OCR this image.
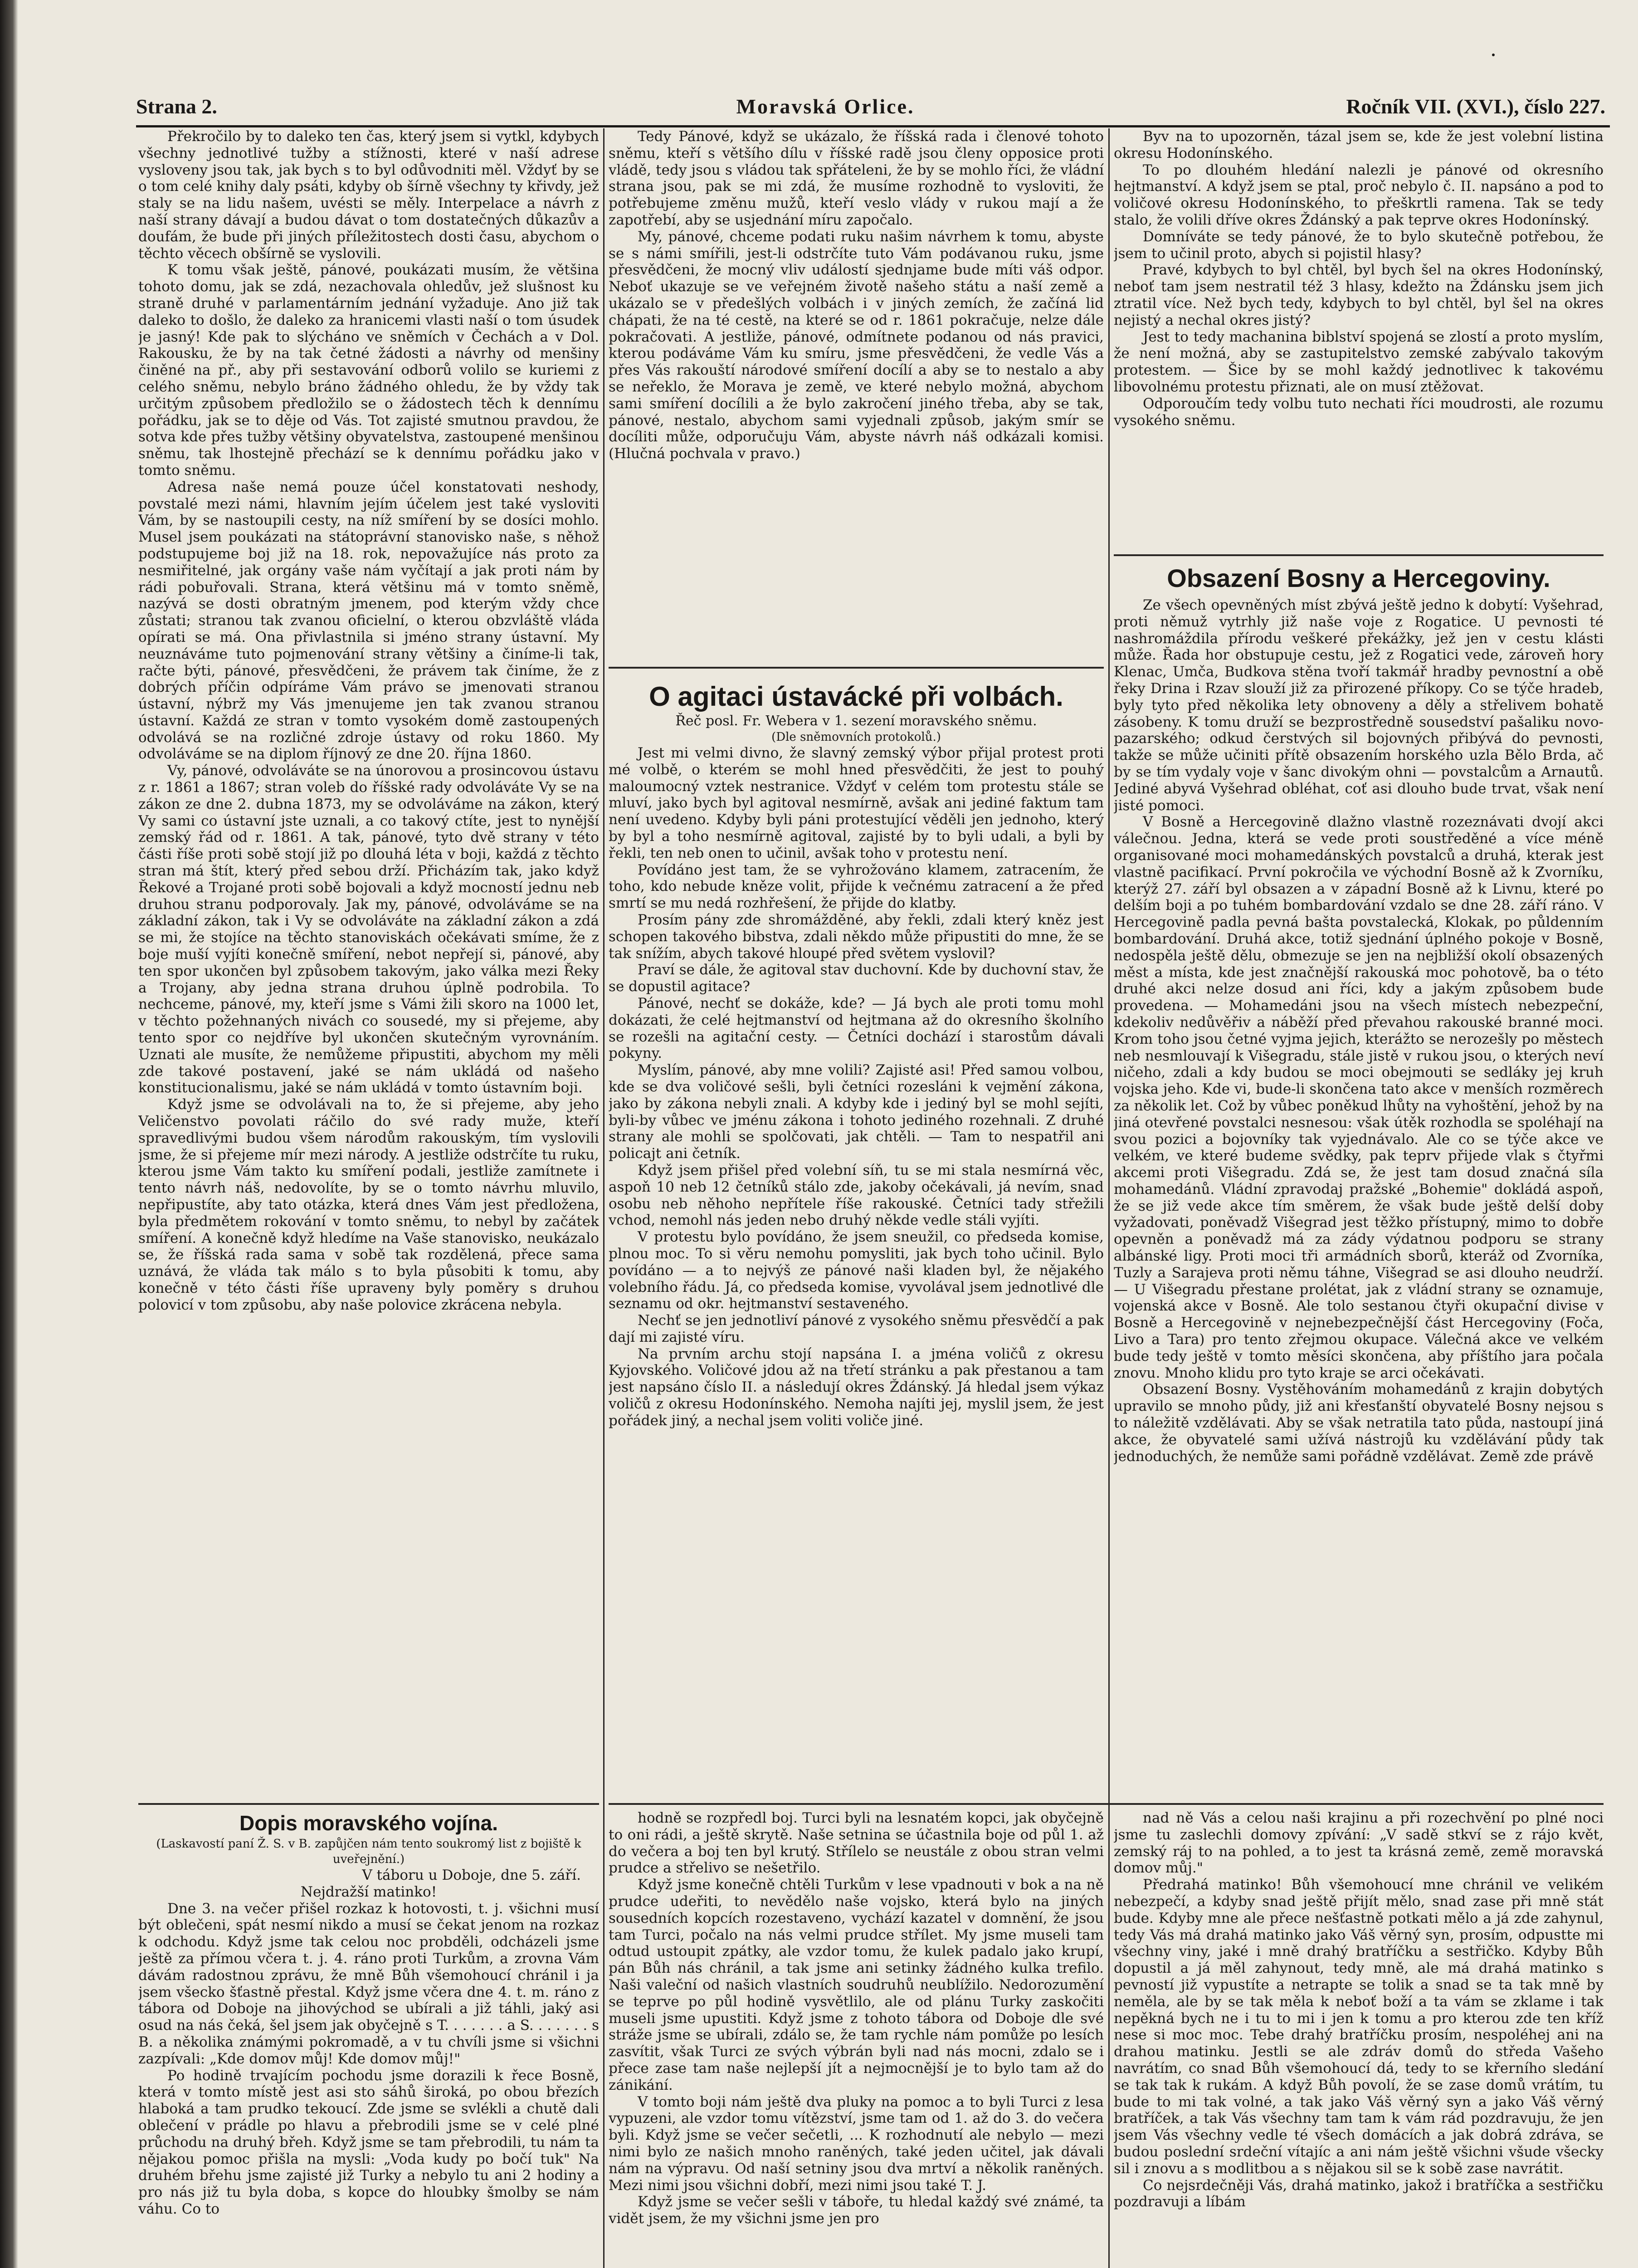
Moravská Orlice.
Strana 2.	Ročník VII. (XVI.), číslo 227.

Překročilo by to daleko ten čas, který jsem si vytkl, kdybych všechny jednotlivé tužby a stížnosti, které v naší adrese vysloveny jsou tak, jak bych s to byl odůvodniti měl. Vždyť by se o tom celé knihy daly psáti, kdyby ob šírně všechny ty křivdy, jež staly se na lidu našem, uvésti se měly. Interpelace a návrh z naší strany dávají a budou dávat o tom dostatečných důkazův a doufám, že bude při jiných příležitostech dosti času, abychom o těchto věcech obšírně se vyslovili.

K tomu však ještě, pánové, poukázati musím, že většina tohoto domu, jak se zdá, nezachovala ohledův, jež slušnost ku straně druhé v parlamentárním jednání vyžaduje. Ano již tak daleko to došlo, že daleko za hranicemi vlasti naší o tom úsudek je jasný! Kde pak to slýcháno ve sněmích v Čechách a v Dol. Rakousku, že by na tak četné žádosti a návrhy od menšiny činěné na př., aby při sestavování odborů volilo se kuriemi z celého sněmu, nebylo bráno žádného ohledu, že by vždy tak určitým způsobem předložilo se o žádostech těch k dennímu pořádku, jak se to děje od Vás. Tot zajisté smutnou pravdou, že sotva kde přes tužby většiny obyvatelstva, zastoupené menšinou sněmu, tak lhostejně přechází se k dennímu pořádku jako v tomto sněmu.

Adresa naše nemá pouze účel konstatovati neshody, povstalé mezi námi, hlavním jejím účelem jest také vysloviti Vám, by se nastoupili cesty, na níž smíření by se dosíci mohlo. Musel jsem poukázati na státoprávní stanovisko naše, s něhož podstupujeme boj již na 18. rok, nepovažujíce nás proto za nesmiřitelné, jak orgány vaše nám vyčítají a jak proti nám by rádi pobuřovali. Strana, která většinu má v tomto sněmě, nazývá se dosti obratným jmenem, pod kterým vždy chce zůstati; stranou tak zvanou oficielní, o kterou obzvláště vláda opírati se má. Ona přivlastnila si jméno strany ústavní. My neuznáváme tuto pojmenování strany většiny a činíme-li tak, račte býti, pánové, přesvědčeni, že právem tak činíme, že z dobrých příčin odpíráme Vám právo se jmenovati stranou ústavní, nýbrž my Vás jmenujeme jen tak zvanou stranou ústavní. Každá ze stran v tomto vysokém domě zastoupených odvolává se na rozličné zdroje ústavy od roku 1860. My odvoláváme se na diplom říjnový ze dne 20. října 1860.

Vy, pánové, odvoláváte se na únorovou a prosincovou ústavu z r. 1861 a 1867; stran voleb do říšské rady odvoláváte Vy se na zákon ze dne 2. dubna 1873, my se odvoláváme na zákon, který Vy sami co ústavní jste uznali, a co takový ctíte, jest to nynější zemský řád od r. 1861. A tak, pánové, tyto dvě strany v této části říše proti sobě stojí již po dlouhá léta v boji, každá z těchto stran má štít, který před sebou drží. Přicházím tak, jako když Řekové a Trojané proti sobě bojovali a když mocností jednu neb druhou stranu podporovaly. Jak my, pánové, odvoláváme se na základní zákon, tak i Vy se odvoláváte na základní zákon a zdá se mi, že stojíce na těchto stanoviskách očekávati smíme, že z boje muší vyjíti konečně smíření, nebot nepřejí si, pánové, aby ten spor ukončen byl způsobem takovým, jako válka mezi Řeky a Trojany, aby jedna strana druhou úplně podrobila. To nechceme, pánové, my, kteří jsme s Vámi žili skoro na 1000 let, v těchto požehnaných nivách co sousedé, my si přejeme, aby tento spor co nejdříve byl ukončen skutečným vyrovnáním. Uznati ale musíte, že nemůžeme připustiti, abychom my měli zde takové postavení, jaké se nám ukládá od našeho konstitucionalismu, jaké se nám ukládá v tomto ústavním boji.

Když jsme se odvolávali na to, že si přejeme, aby jeho Veličenstvo povolati ráčilo do své rady muže, kteří spravedlivými budou všem národům rakouským, tím vyslovili jsme, že si přejeme mír mezi národy. A jestliže odstrčíte tu ruku, kterou jsme Vám takto ku smíření podali, jestliže zamítnete i tento návrh náš, nedovolíte, by se o tomto návrhu mluvilo, nepřipustíte, aby tato otázka, která dnes Vám jest předložena, byla předmětem rokování v tomto sněmu, to nebyl by začátek smíření. A konečně když hledíme na Vaše stanovisko, neukázalo se, že říšská rada sama v sobě tak rozdělená, přece sama uznává, že vláda tak málo s to byla působiti k tomu, aby konečně v této části říše upraveny byly poměry s druhou polovicí v tom způsobu, aby naše polovice zkrácena nebyla.

Tedy Pánové, když se ukázalo, že říšská rada i členové tohoto sněmu, kteří s většího dílu v říšské radě jsou členy opposice proti vládě, tedy jsou s vládou tak spřáteleni, že by se mohlo říci, že vládní strana jsou, pak se mi zdá, že musíme rozhodně to vysloviti, že potřebujeme změnu mužů, kteří veslo vlády v rukou mají a že zapotřebí, aby se usjednání míru započalo.

My, pánové, chceme podati ruku našim návrhem k tomu, abyste se s námi smířili, jest-li odstrčíte tuto Vám podávanou ruku, jsme přesvědčeni, že mocný vliv událostí sjednjame bude míti váš odpor. Neboť ukazuje se ve veřejném životě našeho státu a naší země a ukázalo se v předešlých volbách i v jiných zemích, že začíná lid chápati, že na té cestě, na které se od r. 1861 pokračuje, nelze dále pokračovati. A jestliže, pánové, odmítnete podanou od nás pravici, kterou podáváme Vám ku smíru, jsme přesvědčeni, že vedle Vás a přes Vás rakouští národové smíření docílí a aby se to nestalo a aby se neřeklo, že Morava je země, ve které nebylo možná, abychom sami smíření docílili a že bylo zakročení jiného třeba, aby se tak, pánové, nestalo, abychom sami vyjednali způsob, jakým smír se docíliti může, odporučuju Vám, abyste návrh náš odkázali komisi. (Hlučná pochvala v pravo.)

O agitaci ústavácké při volbách.

Řeč posl. Fr. Webera v 1. sezení moravského sněmu.

(Dle sněmovních protokolů.)

Jest mi velmi divno, že slavný zemský výbor přijal protest proti mé volbě, o kterém se mohl hned přesvědčiti, že jest to pouhý maloumocný vztek nestranice. Vždyť v celém tom protestu stále se mluví, jako bych byl agitoval nesmírně, avšak ani jediné faktum tam není uvedeno. Kdyby byli páni protestující věděli jen jednoho, který by byl a toho nesmírně agitoval, zajisté by to byli udali, a byli by řekli, ten neb onen to učinil, avšak toho v protestu není.

Povídáno jest tam, že se vyhrožováno klamem, zatracením, že toho, kdo nebude kněze volit, přijde k večnému zatracení a že před smrtí se mu nedá rozhřešení, že přijde do klatby.

Prosím pány zde shromážděné, aby řekli, zdali který kněz jest schopen takového bibstva, zdali někdo může připustiti do mne, že se tak snížím, abych takové hloupé před světem vyslovil?

Praví se dále, že agitoval stav duchovní. Kde by duchovní stav, že se dopustil agitace?

Pánové, nechť se dokáže, kde? — Já bych ale proti tomu mohl dokázati, že celé hejtmanství od hejtmana až do okresního školního se rozešli na agitační cesty. — Četníci dochází i starostům dávali pokyny.

Myslím, pánové, aby mne volili? Zajisté asi! Před samou volbou, kde se dva voličové sešli, byli četníci rozesláni k vejmění zákona, jako by zákona nebyli znali. A kdyby kde i jediný byl se mohl sejíti, byli-by vůbec ve jménu zákona i tohoto jediného rozehnali. Z druhé strany ale mohli se spolčovati, jak chtěli. — Tam to nespatřil ani policajt ani četník.

Když jsem přišel před volební síň, tu se mi stala nesmírná věc, aspoň 10 neb 12 četníků stálo zde, jakoby očekávali, já nevím, snad osobu neb něhoho nepřítele říše rakouské. Četníci tady střežili vchod, nemohl nás jeden nebo druhý někde vedle stáli vyjíti.

V protestu bylo povídáno, že jsem sneužil, co předseda komise, plnou moc. To si věru nemohu pomysliti, jak bych toho učinil. Bylo povídáno — a to nejvýš ze pánové naši kladen byl, že nějakého volebního řádu. Já, co předseda komise, vyvolával jsem jednotlivé dle seznamu od okr. hejtmanství sestaveného.

Nechť se jen jednotliví pánové z vysokého sněmu přesvědčí a pak dají mi zajisté víru.

Na prvním archu stojí napsána I. a jména voličů z okresu Kyjovského. Voličové jdou až na třetí stránku a pak přestanou a tam jest napsáno číslo II. a následují okres Ždánský. Já hledal jsem výkaz voličů z okresu Hodonínského. Nemoha najíti jej, myslil jsem, že jest pořádek jiný, a nechal jsem voliti voliče jiné.

Byv na to upozorněn, tázal jsem se, kde že jest volební listina okresu Hodonínského.

To po dlouhém hledání nalezli je pánové od okresního hejtmanství. A když jsem se ptal, proč nebylo č. II. napsáno a pod to voličové okresu Hodonínského, to přeškrtli ramena. Tak se tedy stalo, že volili dříve okres Ždánský a pak teprve okres Hodonínský.

Domníváte se tedy pánové, že to bylo skutečně potřebou, že jsem to učinil proto, abych si pojistil hlasy?

Pravé, kdybych to byl chtěl, byl bych šel na okres Hodonínský, neboť tam jsem nestratil též 3 hlasy, kdežto na Ždánsku jsem jich ztratil více. Než bych tedy, kdybych to byl chtěl, byl šel na okres nejistý a nechal okres jistý?

Jest to tedy machanina biblství spojená se zlostí a proto myslím, že není možná, aby se zastupitelstvo zemské zabývalo takovým protestem. — Šice by se mohl každý jednotlivec k takovému libovolnému protestu přiznati, ale on musí ztěžovat.

Odporoučím tedy volbu tuto nechati říci moudrosti, ale rozumu vysokého sněmu.

Obsazení Bosny a Hercegoviny.

Ze všech opevněných míst zbývá ještě jedno k dobytí: Vyšehrad, proti němuž vytrhly již naše voje z Rogatice. U pevnosti té nashromáždila přírodu veškeré překážky, jež jen v cestu klásti může. Řada hor obstupuje cestu, jež z Rogatici vede, zároveň hory Klenac, Umča, Budkova stěna tvoří takmář hradby pevnostní a obě řeky Drina i Rzav slouží již za přirozené příkopy. Co se týče hradeb, byly tyto před několika lety obnoveny a děly a střelivem bohatě zásobeny. K tomu druží se bezprostředně sousedství pašaliku novo-pazarského; odkud čerstvých sil bojovných přibývá do pevnosti, takže se může učiniti přítě obsazením horského uzla Bělo Brda, ač by se tím vydaly voje v šanc divokým ohni — povstalcům a Arnautů. Jediné abyvá Vyšehrad obléhat, coť asi dlouho bude trvat, však není jisté pomoci.

V Bosně a Hercegovině dlažno vlastně rozeznávati dvojí akci válečnou. Jedna, která se vede proti soustředěné a více méně organisované moci mohamedánských povstalců a druhá, kterak jest vlastně pacifikací. První pokročila ve východní Bosně až k Zvorníku, kterýž 27. září byl obsazen a v západní Bosně až k Livnu, které po delším boji a po tuhém bombardování vzdalo se dne 28. září ráno. V Hercegovině padla pevná bašta povstalecká, Klokak, po půldenním bombardování. Druhá akce, totiž sjednání úplného pokoje v Bosně, nedospěla ještě dělu, obmezuje se jen na nejbližší okolí obsazených měst a místa, kde jest značnější rakouská moc pohotově, ba o této druhé akci nelze dosud ani říci, kdy a jakým způsobem bude provedena. — Mohamedáni jsou na všech místech nebezpeční, kdekoliv nedůvěřiv a náběží před převahou rakouské branné moci. Krom toho jsou četné vyjma jejich, kterážto se nerozešly po městech neb nesmlouvají k Višegradu, stále jistě v rukou jsou, o kterých neví ničeho, zdali a kdy budou se moci obejmouti se sedláky jej kruh vojska jeho. Kde vi, bude-li skončena tato akce v menších rozměrech za několik let. Což by vůbec poněkud lhůty na vyhoštění, jehož by na jiná otevřené povstalci nesnesou: však útěk rozhodla se spoléhají na svou pozici a bojovníky tak vyjednávalo. Ale co se týče akce ve velkém, ve které budeme svědky, pak teprv přijede vlak s čtyřmi akcemi proti Višegradu. Zdá se, že jest tam dosud značná síla mohamedánů. Vládní zpravodaj pražské „Bohemie" dokládá aspoň, že se již vede akce tím směrem, že však bude ještě delší doby vyžadovati, poněvadž Višegrad jest těžko přístupný, mimo to dobře opevněn a poněvadž má za zády výdatnou podporu se strany albánské ligy. Proti moci tři armádních sborů, kteráž od Zvorníka, Tuzly a Sarajeva proti němu táhne, Višegrad se asi dlouho neudrží. — U Višegradu přestane prolétat, jak z vládní strany se oznamuje, vojenská akce v Bosně. Ale tolo sestanou čtyři okupační divise v Bosně a Hercegovině v nejnebezpečnější část Hercegoviny (Foča, Livo a Tara) pro tento zřejmou okupace. Válečná akce ve velkém bude tedy ještě v tomto měsíci skončena, aby příštího jara počala znovu. Mnoho klidu pro tyto kraje se arci očekávati.

Obsazení Bosny. Vystěhováním mohamedánů z krajin dobytých upravilo se mnoho půdy, již ani křesťanští obyvatelé Bosny nejsou s to náležitě vzdělávati. Aby se však netratila tato půda, nastoupí jiná akce, že obyvatelé sami užívá nástrojů ku vzdělávání půdy tak jednoduchých, že nemůže sami pořádně vzdělávat. Země zde právě

Dopis moravského vojína.

(Laskavostí paní Ž. S. v B. zapůjčen nám tento soukromý list z bojiště k uveřejnění.)

V táboru u Doboje, dne 5. září.

Nejdražší matinko!

Dne 3. na večer přišel rozkaz k hotovosti, t. j. všichni musí být oblečeni, spát nesmí nikdo a musí se čekat jenom na rozkaz k odchodu. Když jsme tak celou noc probděli, odcházeli jsme ještě za přímou včera t. j. 4. ráno proti Turkům, a zrovna Vám dávám radostnou zprávu, že mně Bůh všemohoucí chránil i ja jsem všecko šťastně přestal. Když jsme včera dne 4. t. m. ráno z tábora od Doboje na jihovýchod se ubírali a již táhli, jaký asi osud na nás čeká, šel jsem jak obyčejně s T. . . . . . . a S. . . . . . . s B. a několika známými pokromadě, a v tu chvíli jsme si všichni zazpívali: „Kde domov můj! Kde domov můj!"

Po hodině trvajícím pochodu jsme dorazili k řece Bosně, která v tomto místě jest asi sto sáhů široká, po obou březích hlaboká a tam prudko tekoucí. Zde jsme se svlékli a chutě dali oblečení v prádle po hlavu a přebrodili jsme se v celé plné průchodu na druhý břeh. Když jsme se tam přebrodili, tu nám ta nějakou pomoc přišla na mysli: „Voda kudy po bočí tuk" Na druhém břehu jsme zajisté již Turky a nebylo tu ani 2 hodiny a pro nás již tu byla doba, s kopce do hloubky šmolby se nám váhu. Co to

hodně se rozpředl boj. Turci byli na lesnatém kopci, jak obyčejně to oni rádi, a ještě skrytě. Naše setnina se účastnila boje od půl 1. až do večera a boj ten byl krutý. Střílelo se neustále z obou stran velmi prudce a střelivo se nešetřilo.

Když jsme konečně chtěli Turkům v lese vpadnouti v bok a na ně prudce udeřiti, to nevědělo naše vojsko, která bylo na jiných sousedních kopcích rozestaveno, vychází kazatel v domnění, že jsou tam Turci, počalo na nás velmi prudce střílet. My jsme museli tam odtud ustoupit zpátky, ale vzdor tomu, že kulek padalo jako krupí, pán Bůh nás chránil, a tak jsme ani setinky žádného kulka trefilo. Naši valeční od našich vlastních soudruhů neublížilo. Nedorozumění se teprve po půl hodině vysvětlilo, ale od plánu Turky zaskočiti museli jsme upustiti. Když jsme z tohoto tábora od Doboje dle své stráže jsme se ubírali, zdálo se, že tam rychle nám pomůže po lesích zasvítit, však Turci ze svých výbrán byli nad nás mocni, zdalo se i přece zase tam naše nejlepší jít a nejmocnější je to bylo tam až do zánikání.

V tomto boji nám ještě dva pluky na pomoc a to byli Turci z lesa vypuzeni, ale vzdor tomu vítězství, jsme tam od 1. až do 3. do večera byli. Když jsme se večer sečetli, ... K rozhodnutí ale nebylo — mezi nimi bylo ze našich mnoho raněných, také jeden učitel, jak dávali nám na výpravu. Od naší setniny jsou dva mrtví a několik raněných. Mezi nimi jsou všichni dobří, mezi nimi jsou také T. J.

Když jsme se večer sešli v táboře, tu hledal každý své známé, ta vidět jsem, že my všichni jsme jen pro

nad ně Vás a celou naši krajinu a při rozechvění po plné noci jsme tu zaslechli domovy zpívání: „V sadě stkví se z rájo květ, zemský ráj to na pohled, a to jest ta krásná země, země moravská domov můj."

Předrahá matinko! Bůh všemohoucí mne chránil ve velikém nebezpečí, a kdyby snad ještě přijít mělo, snad zase při mně stát bude. Kdyby mne ale přece nešťastně potkati mělo a já zde zahynul, tedy Vás má drahá matinko jako Váš věrný syn, prosím, odpustte mi všechny viny, jaké i mně drahý bratříčku a sestřičko. Kdyby Bůh dopustil a já měl zahynout, tedy mně, ale má drahá matinko s pevností již vypustíte a netrapte se tolik a snad se ta tak mně by neměla, ale by se tak měla k neboť boží a ta vám se zklame i tak nepěkná bych ne i tu to mi i jen k tomu a pro kterou zde ten kříž nese si moc moc. Tebe drahý bratříčku prosím, nespoléhej ani na drahou matinku. Jestli se ale zdráv domů do středa Vašeho navrátím, co snad Bůh všemohoucí dá, tedy to se křerního sledání se tak tak k rukám. A když Bůh povolí, že se zase domů vrátím, tu bude to mi tak volné, a tak jako Váš věrný syn a jako Váš věrný bratříček, a tak Vás všechny tam tam k vám rád pozdravuju, že jen jsem Vás všechny vedle té všech domácích a jak dobrá zdráva, se budou poslední srdeční vítajíc a ani nám ještě všichni všude všecky sil i znovu a s modlitbou a s nějakou sil se k sobě zase navrátit.

Co nejsrdečněji Vás, drahá matinko, jakož i bratříčka a sestřičku pozdravuji a líbám
